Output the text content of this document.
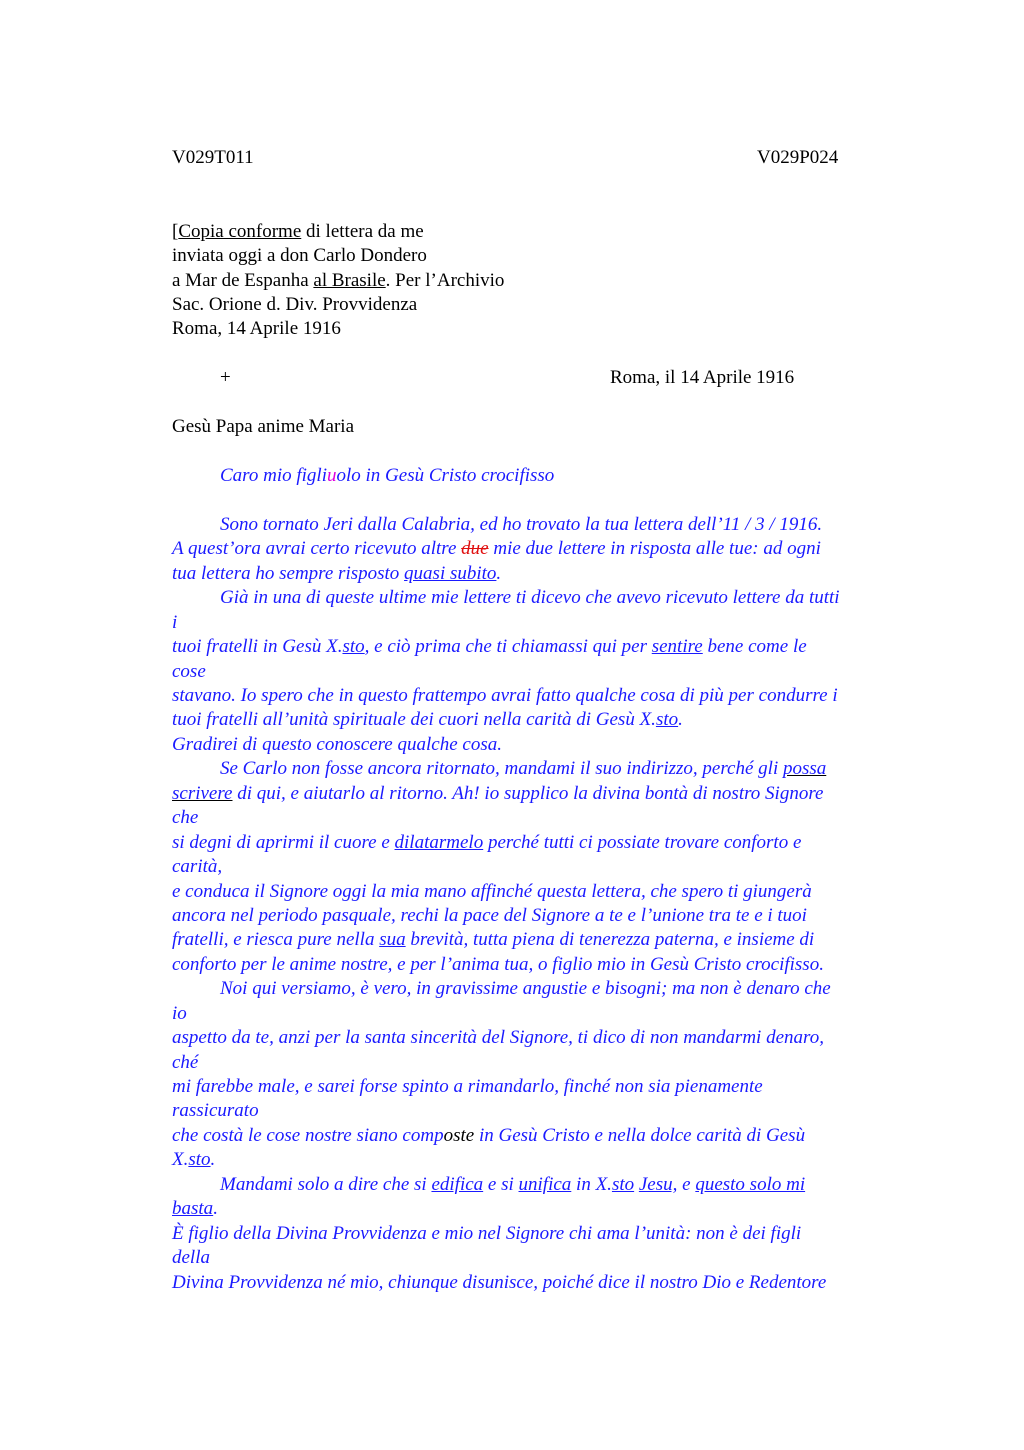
V029T011	V029P024
[Copia conforme di lettera da me
inviata oggi a don Carlo Dondero
a Mar de Espanha al Brasile. Per l’Archivio
Sac. Orione d. Div. Provvidenza
Roma, 14 Aprile 1916
+	Roma, il 14 Aprile 1916
Gesù Papa anime Maria
Caro mio figliuolo in Gesù Cristo crocifisso
Sono tornato Jeri dalla Calabria, ed ho trovato la tua lettera dell’11 / 3 / 1916.
A quest’ora avrai certo ricevuto altre due mie due lettere in risposta alle tue: ad ogni
tua lettera ho sempre risposto quasi subito.
Già in una di queste ultime mie lettere ti dicevo che avevo ricevuto lettere da tutti
i
tuoi fratelli in Gesù X.sto, e ciò prima che ti chiamassi qui per sentire bene come le
cose
stavano. Io spero che in questo frattempo avrai fatto qualche cosa di più per condurre i
tuoi fratelli all’unità spirituale dei cuori nella carità di Gesù X.sto.
Gradirei di questo conoscere qualche cosa.
Se Carlo non fosse ancora ritornato, mandami il suo indirizzo, perché gli possa
scrivere di qui, e aiutarlo al ritorno. Ah! io supplico la divina bontà di nostro Signore
che
si degni di aprirmi il cuore e dilatarmelo perché tutti ci possiate trovare conforto e
carità,
e conduca il Signore oggi la mia mano affinché questa lettera, che spero ti giungerà
ancora nel periodo pasquale, rechi la pace del Signore a te e l’unione tra te e i tuoi
fratelli, e riesca pure nella sua brevità, tutta piena di tenerezza paterna, e insieme di
conforto per le anime nostre, e per l’anima tua, o figlio mio in Gesù Cristo crocifisso.
Noi qui versiamo, è vero, in gravissime angustie e bisogni; ma non è denaro che
io
aspetto da te, anzi per la santa sincerità del Signore, ti dico di non mandarmi denaro,
ché
mi farebbe male, e sarei forse spinto a rimandarlo, finché non sia pienamente
rassicurato
che costà le cose nostre siano composte in Gesù Cristo e nella dolce carità di Gesù
X.sto.
Mandami solo a dire che si edifica e si unifica in X.sto Jesu, e questo solo mi
basta.
È figlio della Divina Provvidenza e mio nel Signore chi ama l’unità: non è dei figli
della
Divina Provvidenza né mio, chiunque disunisce, poiché dice il nostro Dio e Redentore
